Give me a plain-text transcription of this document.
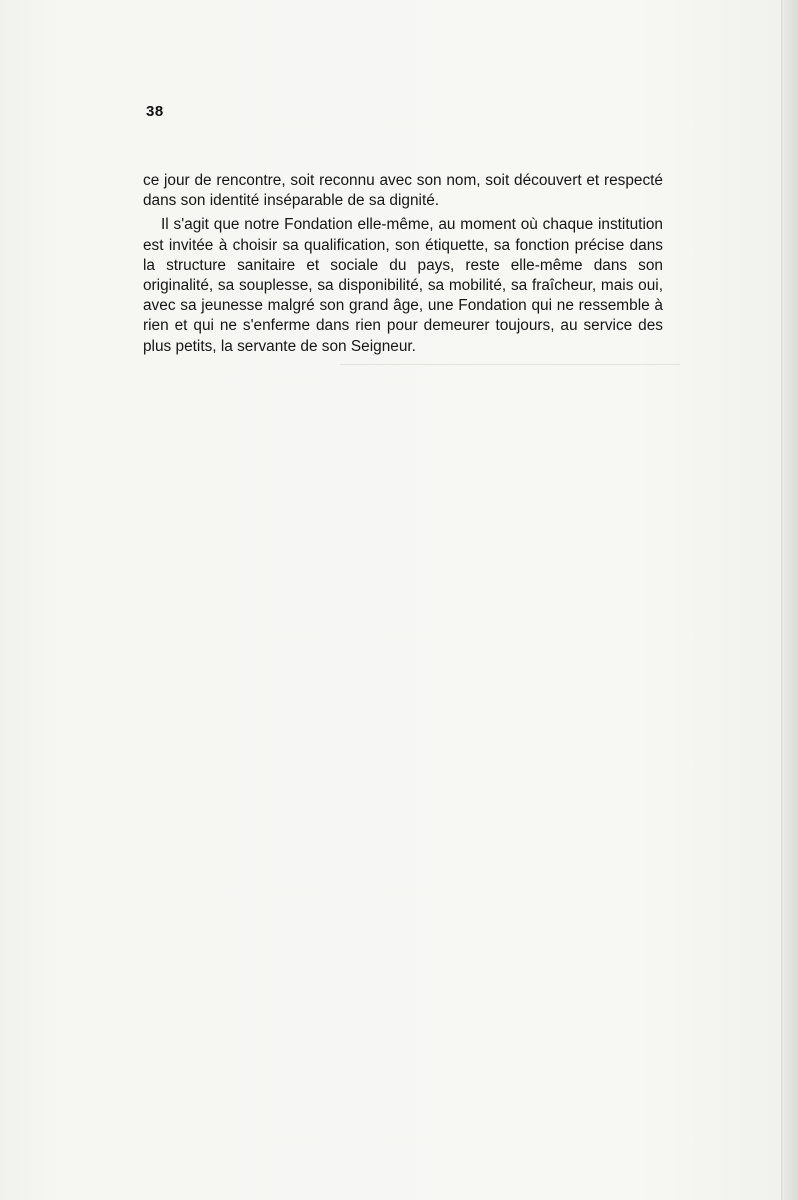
────────────────────────────────

38

ce jour de rencontre, soit reconnu avec son nom, soit découvert et respecté dans son identité inséparable de sa dignité.

Il s'agit que notre Fondation elle-même, au moment où chaque institution est invitée à choisir sa qualification, son étiquette, sa fonction précise dans la structure sanitaire et sociale du pays, reste elle-même dans son originalité, sa souplesse, sa disponibilité, sa mobilité, sa fraîcheur, mais oui, avec sa jeunesse malgré son grand âge, une Fondation qui ne ressemble à rien et qui ne s'enferme dans rien pour demeurer toujours, au service des plus petits, la servante de son Seigneur.
